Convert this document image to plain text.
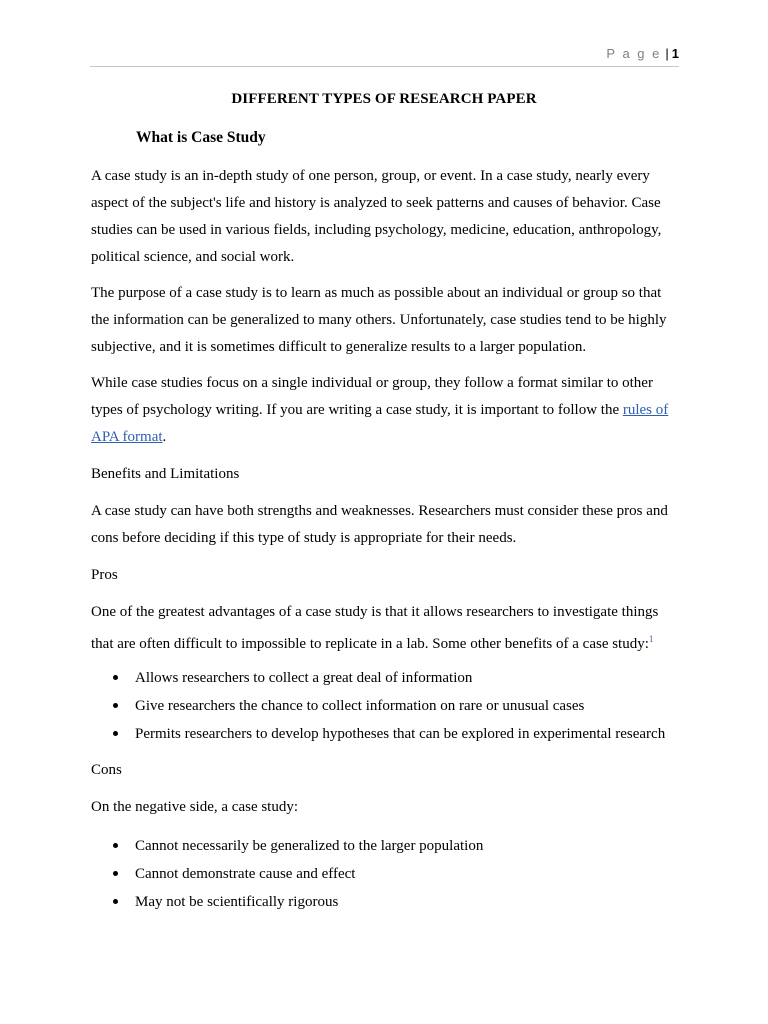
P a g e | 1
DIFFERENT TYPES OF RESEARCH PAPER
What is Case Study

A case study is an in-depth study of one person, group, or event. In a case study, nearly every aspect of the subject's life and history is analyzed to seek patterns and causes of behavior. Case studies can be used in various fields, including psychology, medicine, education, anthropology, political science, and social work.

The purpose of a case study is to learn as much as possible about an individual or group so that the information can be generalized to many others. Unfortunately, case studies tend to be highly subjective, and it is sometimes difficult to generalize results to a larger population.

While case studies focus on a single individual or group, they follow a format similar to other types of psychology writing. If you are writing a case study, it is important to follow the rules of APA format.

Benefits and Limitations

A case study can have both strengths and weaknesses. Researchers must consider these pros and cons before deciding if this type of study is appropriate for their needs.

Pros

One of the greatest advantages of a case study is that it allows researchers to investigate things that are often difficult to impossible to replicate in a lab. Some other benefits of a case study:$^1$

Allows researchers to collect a great deal of information
Give researchers the chance to collect information on rare or unusual cases
Permits researchers to develop hypotheses that can be explored in experimental research

Cons

On the negative side, a case study:

Cannot necessarily be generalized to the larger population
Cannot demonstrate cause and effect
May not be scientifically rigorous
